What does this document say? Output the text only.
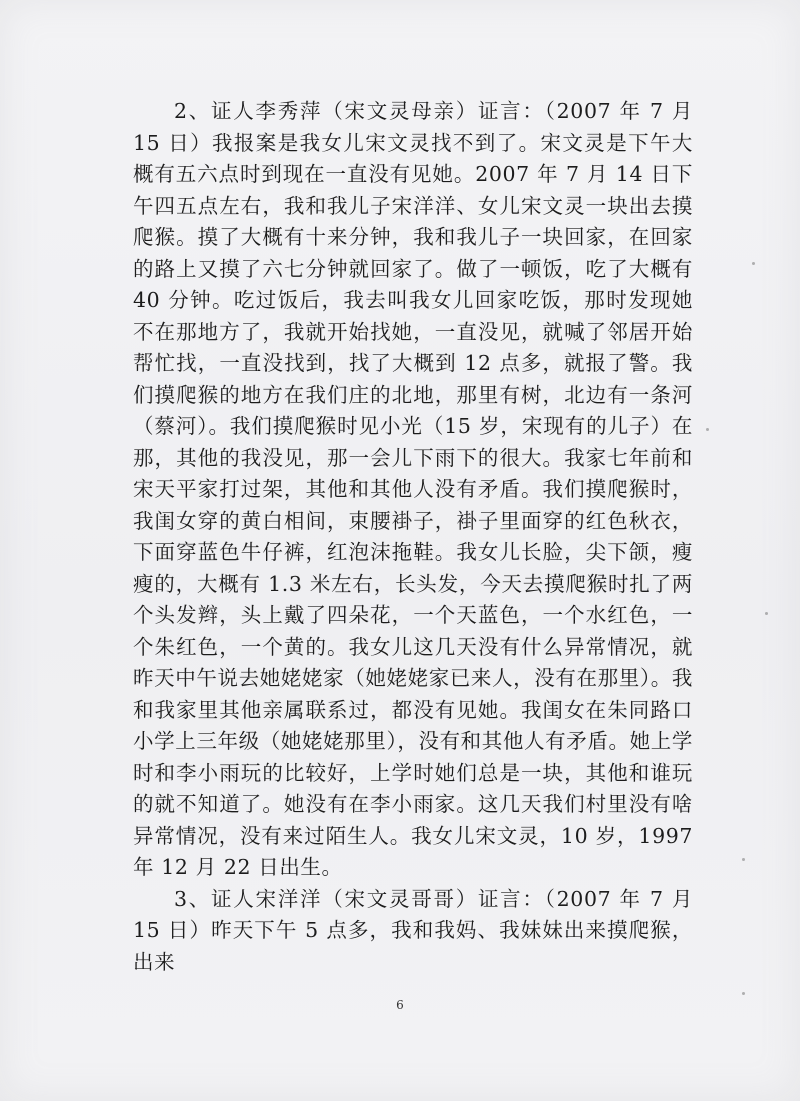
2、证人李秀萍（宋文灵母亲）证言：（2007 年 7 月 15 日）我报案是我女儿宋文灵找不到了。宋文灵是下午大概有五六点时到现在一直没有见她。2007 年 7 月 14 日下午四五点左右，我和我儿子宋洋洋、女儿宋文灵一块出去摸爬猴。摸了大概有十来分钟，我和我儿子一块回家，在回家的路上又摸了六七分钟就回家了。做了一顿饭，吃了大概有 40 分钟。吃过饭后，我去叫我女儿回家吃饭，那时发现她不在那地方了，我就开始找她，一直没见，就喊了邻居开始帮忙找，一直没找到，找了大概到 12 点多，就报了警。我们摸爬猴的地方在我们庄的北地，那里有树，北边有一条河（蔡河）。我们摸爬猴时见小光（15 岁，宋现有的儿子）在那，其他的我没见，那一会儿下雨下的很大。我家七年前和宋天平家打过架，其他和其他人没有矛盾。我们摸爬猴时，我闺女穿的黄白相间，束腰褂子，褂子里面穿的红色秋衣，下面穿蓝色牛仔裤，红泡沫拖鞋。我女儿长脸，尖下颌，瘦瘦的，大概有 1.3 米左右，长头发，今天去摸爬猴时扎了两个头发辫，头上戴了四朵花，一个天蓝色，一个水红色，一个朱红色，一个黄的。我女儿这几天没有什么异常情况，就昨天中午说去她姥姥家（她姥姥家已来人，没有在那里）。我和我家里其他亲属联系过，都没有见她。我闺女在朱同路口小学上三年级（她姥姥那里），没有和其他人有矛盾。她上学时和李小雨玩的比较好，上学时她们总是一块，其他和谁玩的就不知道了。她没有在李小雨家。这几天我们村里没有啥异常情况，没有来过陌生人。我女儿宋文灵，10 岁，1997 年 12 月 22 日出生。

3、证人宋洋洋（宋文灵哥哥）证言：（2007 年 7 月 15 日）昨天下午 5 点多，我和我妈、我妹妹出来摸爬猴，出来

6
